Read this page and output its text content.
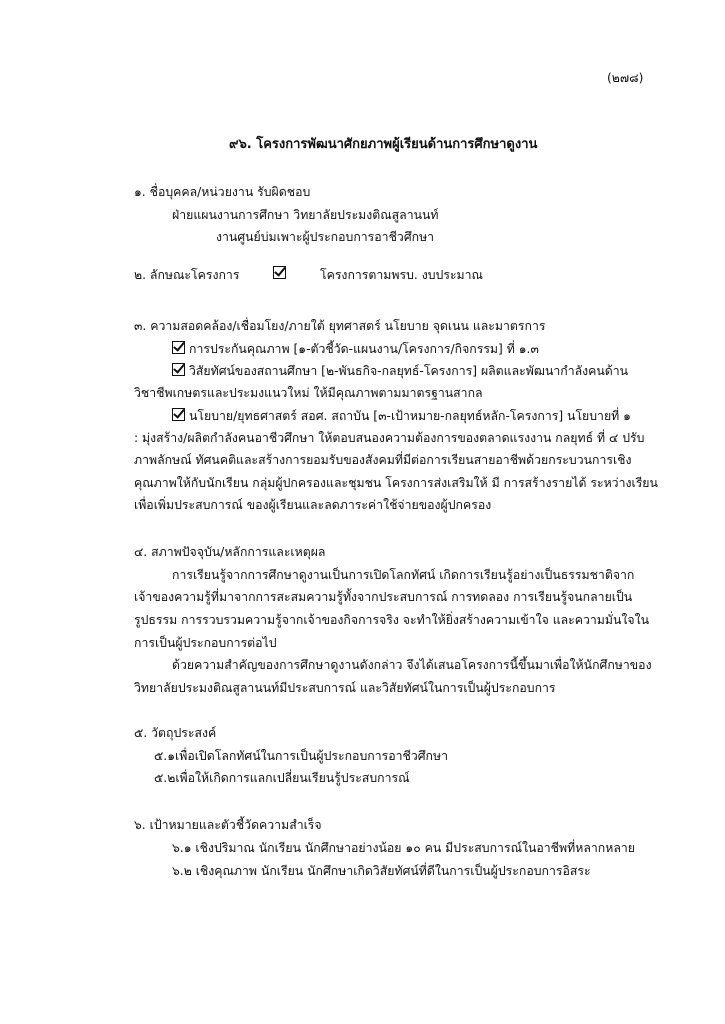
(๒๗๘)
๙๖. โครงการพัฒนาศักยภาพผู้เรียนด้านการศึกษาดูงาน
๑. ชื่อบุคคล/หน่วยงาน รับผิดชอบ
ฝ่ายแผนงานการศึกษา วิทยาลัยประมงติณสูลานนท์
งานศูนย์บ่มเพาะผู้ประกอบการอาชีวศึกษา
๒. ลักษณะโครงการ	โครงการตามพรบ. งบประมาณ
๓. ความสอดคล้อง/เชื่อมโยง/ภายใต้ ยุทศาสตร์ นโยบาย จุดเนน และมาตรการ
การประกันคุณภาพ [๑-ตัวชี้วัด-แผนงาน/โครงการ/กิจกรรม] ที่ ๑.๓
วิสัยทัศน์ของสถานศึกษา [๒-พันธกิจ-กลยุทธ์-โครงการ] ผลิตและพัฒนากำลังคนด้าน
วิชาชีพเกษตรและประมงแนวใหม่ ให้มีคุณภาพตามมาตรฐานสากล
นโยบาย/ยุทธศาสตร์ สอศ. สถาบัน [๓-เป้าหมาย-กลยุทธ์หลัก-โครงการ] นโยบายที่ ๑
: มุ่งสร้าง/ผลิตกำลังคนอาชีวศึกษา ให้ตอบสนองความต้องการของตลาดแรงงาน กลยุทธ์ ที่ ๔ ปรับ
ภาพลักษณ์ ทัศนคติและสร้างการยอมรับของสังคมที่มีต่อการเรียนสายอาชีพด้วยกระบวนการเชิง
คุณภาพให้กับนักเรียน กลุ่มผู้ปกครองและชุมชน โครงการส่งเสริมให้ มี การสร้างรายได้ ระหว่างเรียน
เพื่อเพิ่มประสบการณ์ ของผู้เรียนและลดภาระค่าใช้จ่ายของผู้ปกครอง
๔. สภาพปัจจุบัน/หลักการและเหตุผล
การเรียนรู้จากการศึกษาดูงานเป็นการเปิดโลกทัศน์ เกิดการเรียนรู้อย่างเป็นธรรมชาติจาก
เจ้าของความรู้ที่มาจากการสะสมความรู้ทั้งจากประสบการณ์ การทดลอง การเรียนรู้จนกลายเป็น
รูปธรรม การรวบรวมความรู้จากเจ้าของกิจการจริง จะทำให้ยิ่งสร้างความเข้าใจ และความมั่นใจใน
การเป็นผู้ประกอบการต่อไป
ด้วยความสำคัญของการศึกษาดูงานดังกล่าว จึงได้เสนอโครงการนี้ขึ้นมาเพื่อให้นักศึกษาของ
วิทยาลัยประมงติณสูลานนท์มีประสบการณ์ และวิสัยทัศน์ในการเป็นผู้ประกอบการ
๕. วัตถุประสงค์
๕.๑เพื่อเปิดโลกทัศน์ในการเป็นผู้ประกอบการอาชีวศึกษา
๕.๒เพื่อให้เกิดการแลกเปลี่ยนเรียนรู้ประสบการณ์
๖. เป้าหมายและตัวชี้วัดความสำเร็จ
๖.๑ เชิงปริมาณ นักเรียน นักศึกษาอย่างน้อย ๑๐ คน มีประสบการณ์ในอาชีพที่หลากหลาย
๖.๒ เชิงคุณภาพ นักเรียน นักศึกษาเกิดวิสัยทัศน์ที่ดีในการเป็นผู้ประกอบการอิสระ
